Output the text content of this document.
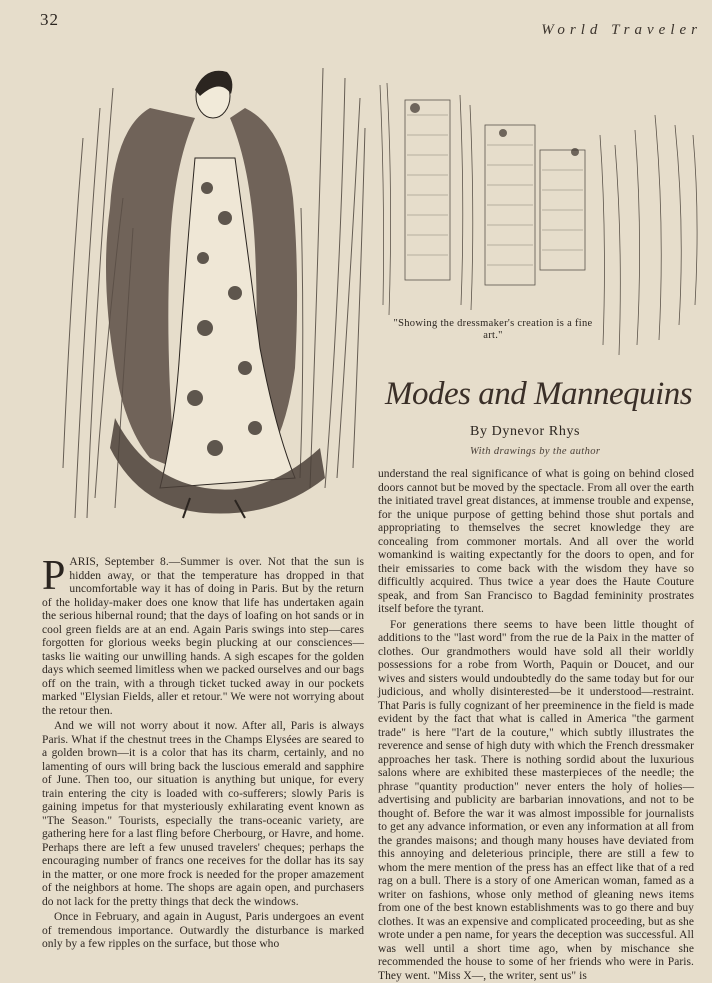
32
World Traveler
"Showing the dressmaker's creation is a fine art."
Modes and Mannequins
By Dynevor Rhys
With drawings by the author

PARIS, September 8.—Summer is over. Not that the sun is hidden away, or that the temperature has dropped in that uncomfortable way it has of doing in Paris. But by the return of the holiday-maker does one know that life has undertaken again the serious hibernal round; that the days of loafing on hot sands or in cool green fields are at an end. Again Paris swings into step—cares forgotten for glorious weeks begin plucking at our consciences—tasks lie waiting our unwilling hands. A sigh escapes for the golden days which seemed limitless when we packed ourselves and our bags off on the train, with a through ticket tucked away in our pockets marked "Elysian Fields, aller et retour." We were not worrying about the retour then.

And we will not worry about it now. After all, Paris is always Paris. What if the chestnut trees in the Champs Elysées are seared to a golden brown—it is a color that has its charm, certainly, and no lamenting of ours will bring back the luscious emerald and sapphire of June. Then too, our situation is anything but unique, for every train entering the city is loaded with co-sufferers; slowly Paris is gaining impetus for that mysteriously exhilarating event known as "The Season." Tourists, especially the trans-oceanic variety, are gathering here for a last fling before Cherbourg, or Havre, and home. Perhaps there are left a few unused travelers' cheques; perhaps the encouraging number of francs one receives for the dollar has its say in the matter, or one more frock is needed for the proper amazement of the neighbors at home. The shops are again open, and purchasers do not lack for the pretty things that deck the windows.

Once in February, and again in August, Paris undergoes an event of tremendous importance. Outwardly the disturbance is marked only by a few ripples on the surface, but those who

understand the real significance of what is going on behind closed doors cannot but be moved by the spectacle. From all over the earth the initiated travel great distances, at immense trouble and expense, for the unique purpose of getting behind those shut portals and appropriating to themselves the secret knowledge they are concealing from commoner mortals. And all over the world womankind is waiting expectantly for the doors to open, and for their emissaries to come back with the wisdom they have so difficultly acquired. Thus twice a year does the Haute Couture speak, and from San Francisco to Bagdad femininity prostrates itself before the tyrant.

For generations there seems to have been little thought of additions to the "last word" from the rue de la Paix in the matter of clothes. Our grandmothers would have sold all their worldly possessions for a robe from Worth, Paquin or Doucet, and our wives and sisters would undoubtedly do the same today but for our judicious, and wholly disinterested—be it understood—restraint. That Paris is fully cognizant of her preeminence in the field is made evident by the fact that what is called in America "the garment trade" is here "l'art de la couture," which subtly illustrates the reverence and sense of high duty with which the French dressmaker approaches her task. There is nothing sordid about the luxurious salons where are exhibited these masterpieces of the needle; the phrase "quantity production" never enters the holy of holies—advertising and publicity are barbarian innovations, and not to be thought of. Before the war it was almost impossible for journalists to get any advance information, or even any information at all from the grandes maisons; and though many houses have deviated from this annoying and deleterious principle, there are still a few to whom the mere mention of the press has an effect like that of a red rag on a bull. There is a story of one American woman, famed as a writer on fashions, whose only method of gleaning news items from one of the best known establishments was to go there and buy clothes. It was an expensive and complicated proceeding, but as she wrote under a pen name, for years the deception was successful. All was well until a short time ago, when by mischance she recommended the house to some of her friends who were in Paris. They went. "Miss X—, the writer, sent us" is
